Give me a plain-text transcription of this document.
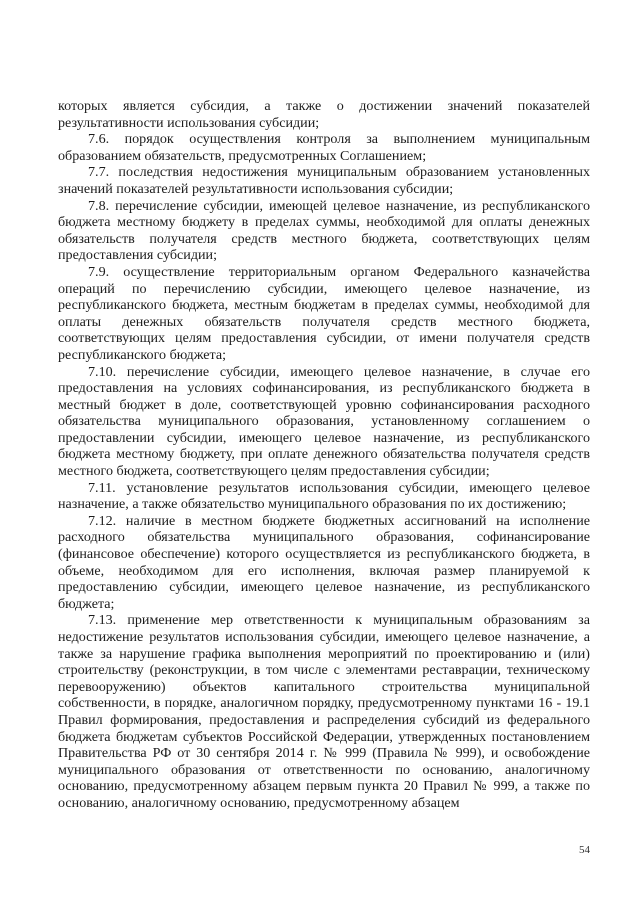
которых является субсидия, а также о достижении значений показателей результативности использования субсидии;

7.6. порядок осуществления контроля за выполнением муниципальным образованием обязательств, предусмотренных Соглашением;

7.7. последствия недостижения муниципальным образованием установленных значений показателей результативности использования субсидии;

7.8. перечисление субсидии, имеющей целевое назначение, из республиканского бюджета местному бюджету в пределах суммы, необходимой для оплаты денежных обязательств получателя средств местного бюджета, соответствующих целям предоставления субсидии;

7.9. осуществление территориальным органом Федерального казначейства операций по перечислению субсидии, имеющего целевое назначение, из республиканского бюджета, местным бюджетам в пределах суммы, необходимой для оплаты денежных обязательств получателя средств местного бюджета, соответствующих целям предоставления субсидии, от имени получателя средств республиканского бюджета;

7.10. перечисление субсидии, имеющего целевое назначение, в случае его предоставления на условиях софинансирования, из республиканского бюджета в местный бюджет в доле, соответствующей уровню софинансирования расходного обязательства муниципального образования, установленному соглашением о предоставлении субсидии, имеющего целевое назначение, из республиканского бюджета местному бюджету, при оплате денежного обязательства получателя средств местного бюджета, соответствующего целям предоставления субсидии;

7.11. установление результатов использования субсидии, имеющего целевое назначение, а также обязательство муниципального образования по их достижению;

7.12. наличие в местном бюджете бюджетных ассигнований на исполнение расходного обязательства муниципального образования, софинансирование (финансовое обеспечение) которого осуществляется из республиканского бюджета, в объеме, необходимом для его исполнения, включая размер планируемой к предоставлению субсидии, имеющего целевое назначение, из республиканского бюджета;

7.13. применение мер ответственности к муниципальным образованиям за недостижение результатов использования субсидии, имеющего целевое назначение, а также за нарушение графика выполнения мероприятий по проектированию и (или) строительству (реконструкции, в том числе с элементами реставрации, техническому перевооружению) объектов капитального строительства муниципальной собственности, в порядке, аналогичном порядку, предусмотренному пунктами 16 - 19.1 Правил формирования, предоставления и распределения субсидий из федерального бюджета бюджетам субъектов Российской Федерации, утвержденных постановлением Правительства РФ от 30 сентября 2014 г. № 999 (Правила № 999), и освобождение муниципального образования от ответственности по основанию, аналогичному основанию, предусмотренному абзацем первым пункта 20 Правил № 999, а также по основанию, аналогичному основанию, предусмотренному абзацем

54
